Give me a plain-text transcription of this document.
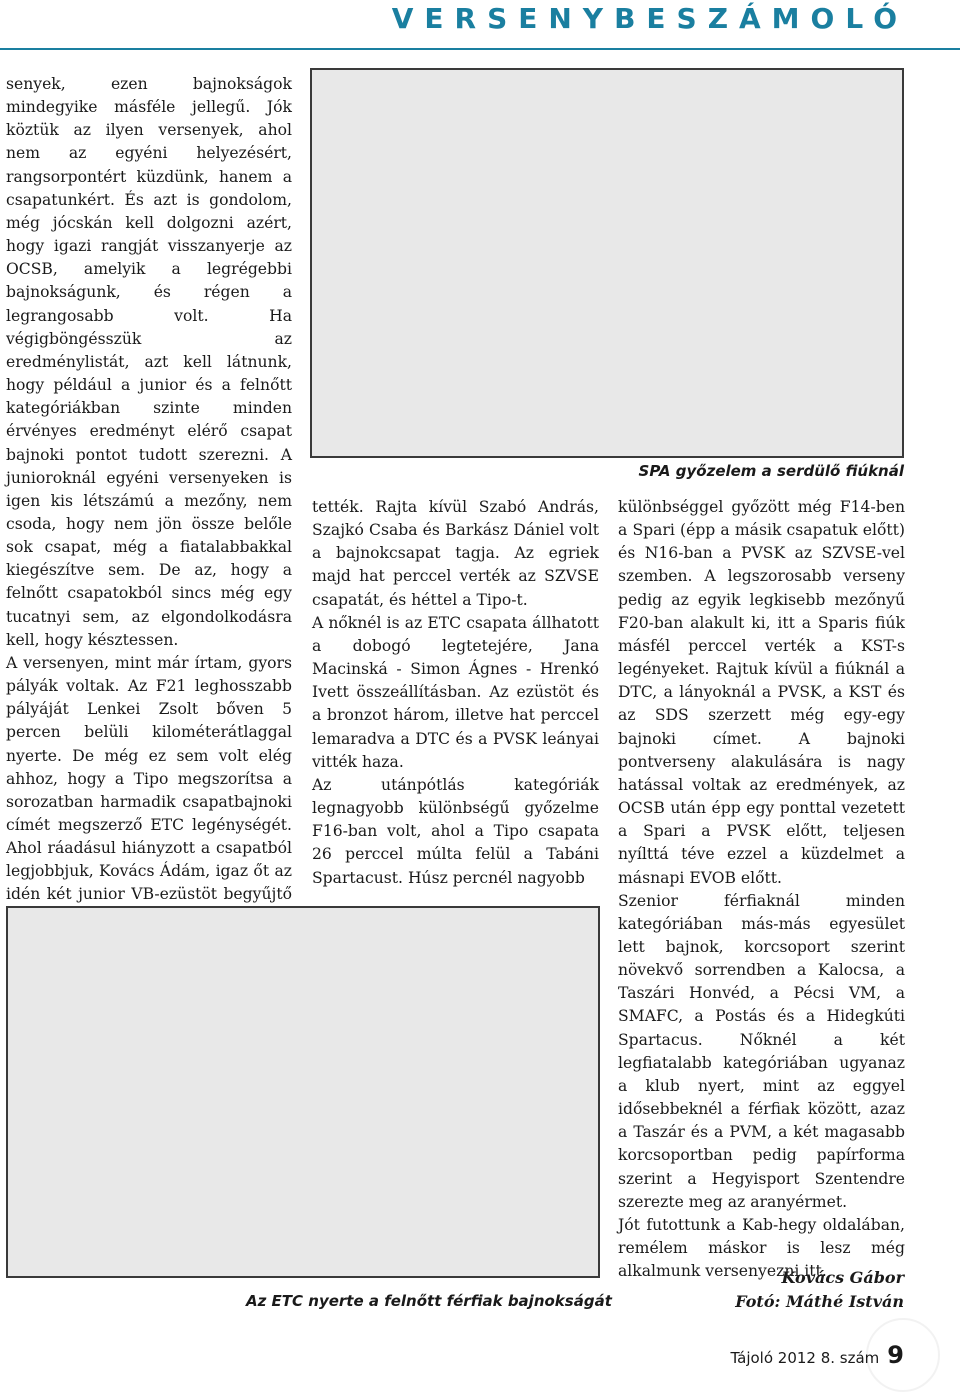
VERSENYBESZÁMOLÓ

senyek, ezen bajnokságok mindegyike másféle jellegű. Jók köztük az ilyen versenyek, ahol nem az egyéni helyezésért, rangsorpontért küzdünk, hanem a csapatunkért. És azt is gondolom, még jócskán kell dolgozni azért, hogy igazi rangját visszanyerje az OCSB, amelyik a legrégebbi bajnokságunk, és régen a legrangosabb volt. Ha végigböngésszük az eredménylistát, azt kell látnunk, hogy például a junior és a felnőtt kategóriákban szinte minden érvényes eredményt elérő csapat bajnoki pontot tudott szerezni. A junioroknál egyéni versenyeken is igen kis létszámú a mezőny, nem csoda, hogy nem jön össze belőle sok csapat, még a fiatalabbakkal kiegészítve sem. De az, hogy a felnőtt csapatokból sincs még egy tucatnyi sem, az elgondolkodásra kell, hogy késztessen.

A versenyen, mint már írtam, gyors pályák voltak. Az F21 leghosszabb pályáját Lenkei Zsolt bőven 5 percen belüli kilométerátlaggal nyerte. De még ez sem volt elég ahhoz, hogy a Tipo megszorítsa a sorozatban harmadik csapatbajnoki címét megszerző ETC legénységét. Ahol ráadásul hiányzott a csapatból legjobbjuk, Kovács Ádám, igaz őt az idén két junior VB-ezüstöt begyűjtő

SPA győzelem a serdülő fiúknál

tették. Rajta kívül Szabó András, Szajkó Csaba és Barkász Dániel volt a bajnokcsapat tagja. Az egriek majd hat perccel verték az SZVSE csapatát, és héttel a Tipo-t.

A nőknél is az ETC csapata állhatott a dobogó legtetejére, Jana Macinská - Simon Ágnes - Hrenkó Ivett összeállításban. Az ezüstöt és a bronzot három, illetve hat perccel lemaradva a DTC és a PVSK leányai vitték haza.

Az utánpótlás kategóriák legnagyobb különbségű győzelme F16-ban volt, ahol a Tipo csapata 26 perccel múlta felül a Tabáni Spartacust. Húsz percnél nagyobb

különbséggel győzött még F14-ben a Spari (épp a másik csapatuk előtt) és N16-ban a PVSK az SZVSE-vel szemben. A legszorosabb verseny pedig az egyik legkisebb mezőnyű F20-ban alakult ki, itt a Sparis fiúk másfél perccel verték a KST-s legényeket. Rajtuk kívül a fiúknál a DTC, a lányoknál a PVSK, a KST és az SDS szerzett még egy-egy bajnoki címet. A bajnoki pontverseny alakulására is nagy hatással voltak az eredmények, az OCSB után épp egy ponttal vezetett a Spari a PVSK előtt, teljesen nyílttá téve ezzel a küzdelmet a másnapi EVOB előtt.

Szenior férfiaknál minden kategóriában más-más egyesület lett bajnok, korcsoport szerint növekvő sorrendben a Kalocsa, a Taszári Honvéd, a Pécsi VM, a SMAFC, a Postás és a Hidegkúti Spartacus. Nőknél a két legfiatalabb kategóriában ugyanaz a klub nyert, mint az eggyel idősebbeknél a férfiak között, azaz a Taszár és a PVM, a két magasabb korcsoportban pedig papírforma szerint a Hegyisport Szentendre szerezte meg az aranyérmet.

Jót futottunk a Kab-hegy oldalában, remélem máskor is lesz még alkalmunk versenyezni itt.

Az ETC nyerte a felnőtt férfiak bajnokságát
Kovács Gábor
Fotó: Máthé István
Tájoló 2012 8. szám 9
